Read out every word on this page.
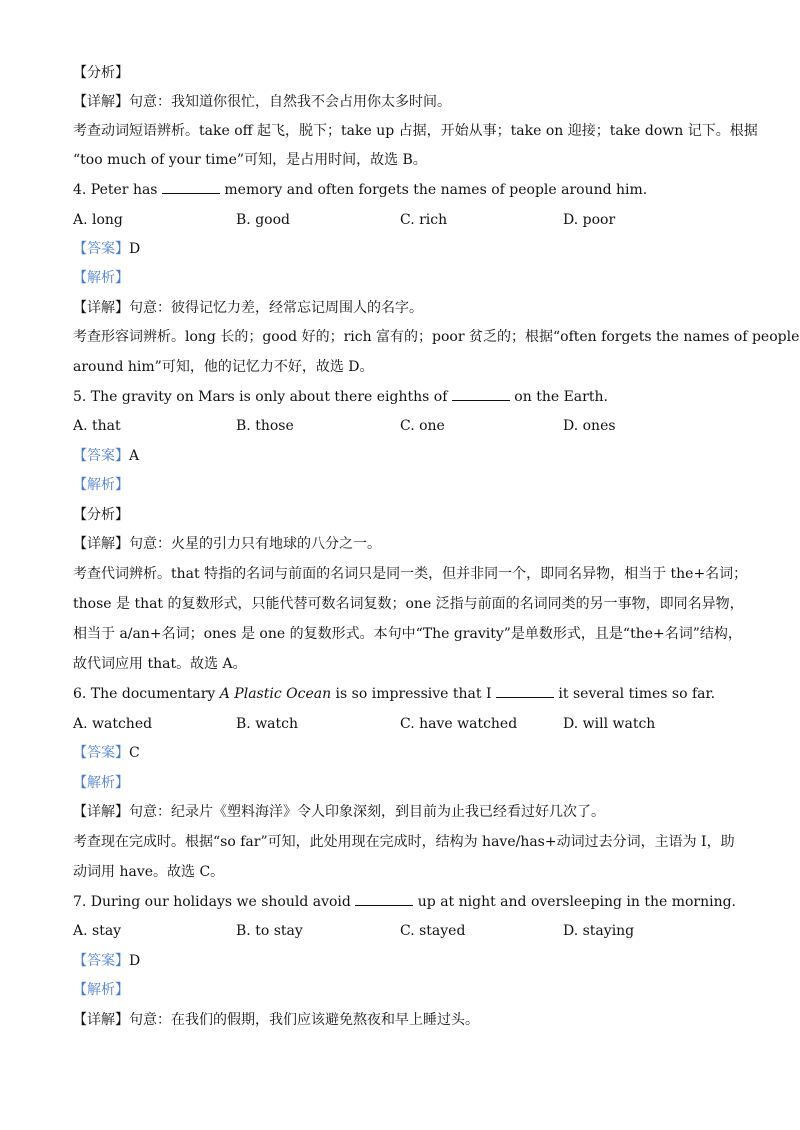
【分析】
【详解】句意：我知道你很忙，自然我不会占用你太多时间。
考查动词短语辨析。take off 起飞，脱下；take up 占据，开始从事；take on 迎接；take down 记下。根据
“too much of your time”可知，是占用时间，故选 B。
4. Peter has	memory and often forgets the names of people around him.
A. long	B. good	C. rich	D. poor
【答案】D
【解析】
【详解】句意：彼得记忆力差，经常忘记周围人的名字。
考查形容词辨析。long 长的；good 好的；rich 富有的；poor 贫乏的；根据“often forgets the names of people
around him”可知，他的记忆力不好，故选 D。
5. The gravity on Mars is only about there eighths of	on the Earth.
A. that	B. those	C. one	D. ones
【答案】A
【解析】
【分析】
【详解】句意：火星的引力只有地球的八分之一。
考查代词辨析。that 特指的名词与前面的名词只是同一类，但并非同一个，即同名异物，相当于 the+名词；
those 是 that 的复数形式，只能代替可数名词复数；one 泛指与前面的名词同类的另一事物，即同名异物，
相当于 a/an+名词；ones 是 one 的复数形式。本句中“The gravity”是单数形式，且是“the+名词”结构，
故代词应用 that。故选 A。
6. The documentary A Plastic Ocean is so impressive that I	it several times so far.
A. watched	B. watch	C. have watched	D. will watch
【答案】C
【解析】
【详解】句意：纪录片《塑料海洋》令人印象深刻，到目前为止我已经看过好几次了。
考查现在完成时。根据“so far”可知，此处用现在完成时，结构为 have/has+动词过去分词，主语为 I，助
动词用 have。故选 C。
7. During our holidays we should avoid	up at night and oversleeping in the morning.
A. stay	B. to stay	C. stayed	D. staying
【答案】D
【解析】
【详解】句意：在我们的假期，我们应该避免熬夜和早上睡过头。
